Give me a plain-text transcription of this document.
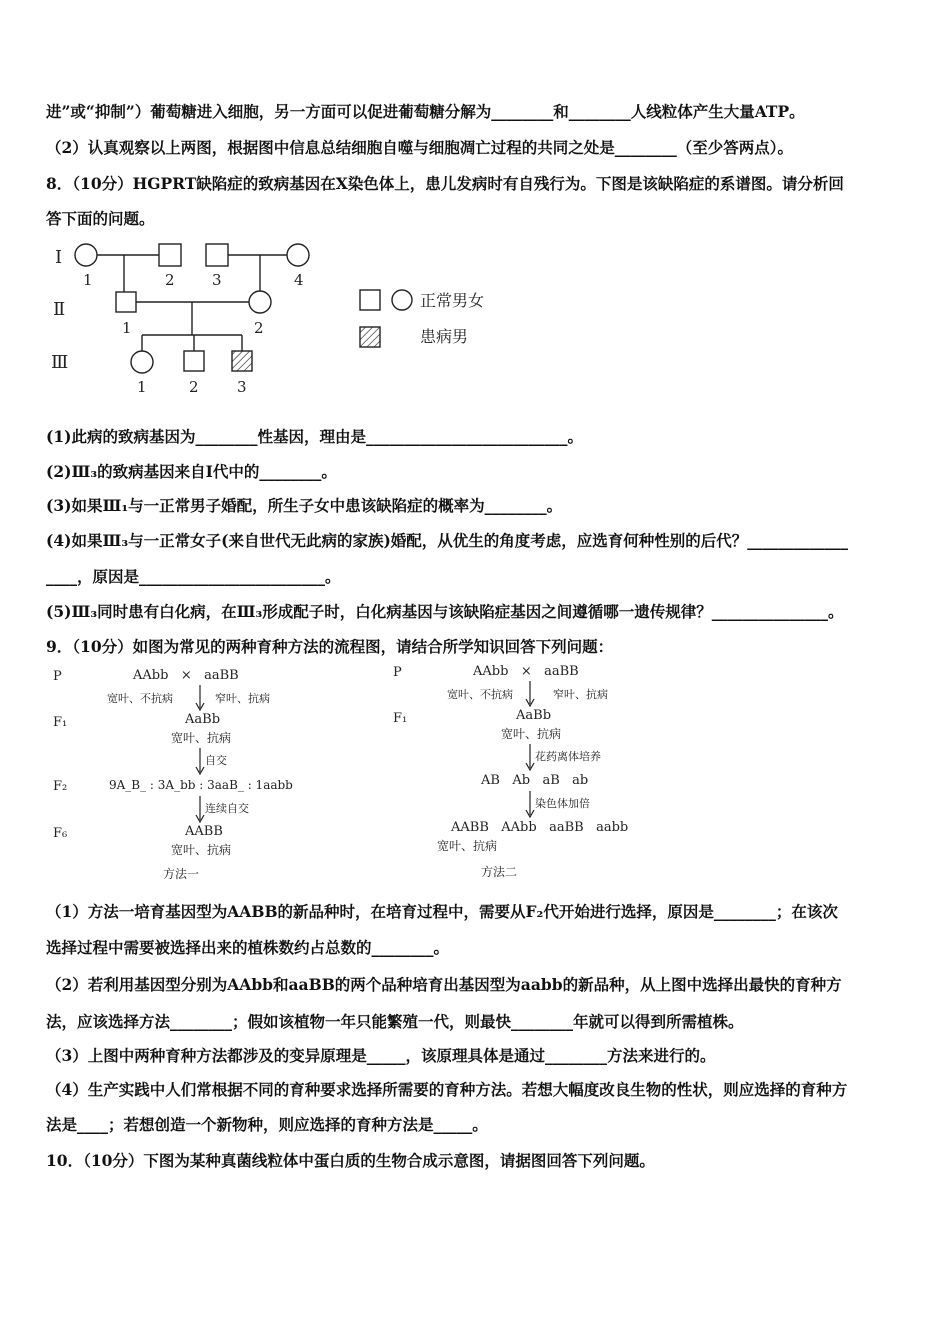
进”或“抑制”）葡萄糖进入细胞，另一方面可以促进葡萄糖分解为________和________人线粒体产生大量ATP。
（2）认真观察以上两图，根据图中信息总结细胞自噬与细胞凋亡过程的共同之处是________（至少答两点）。
8．（10分）HGPRT缺陷症的致病基因在X染色体上，患儿发病时有自残行为。下图是该缺陷症的系谱图。请分析回
答下面的问题。
Ⅰ
Ⅱ
Ⅲ
1	2 3	4
1	2
1	2	3
正常男女
患病男
(1)此病的致病基因为________性基因，理由是__________________________。
(2)Ⅲ₃的致病基因来自Ⅰ代中的________。
(3)如果Ⅲ₁与一正常男子婚配，所生子女中患该缺陷症的概率为________。
(4)如果Ⅲ₃与一正常女子(来自世代无此病的家族)婚配，从优生的角度考虑，应选育何种性别的后代？_____________
____，原因是________________________。
(5)Ⅲ₃同时患有白化病，在Ⅲ₃形成配子时，白化病基因与该缺陷症基因之间遵循哪一遗传规律？_______________。
9．（10分）如图为常见的两种育种方法的流程图，请结合所学知识回答下列问题：
P	AAbb   ×   aaBB
宽叶、不抗病	窄叶、抗病
F₁	AaBb
宽叶、抗病
自交
F₂	9A_B_ : 3A_bb : 3aaB_ : 1aabb
连续自交
F₆	AABB
宽叶、抗病
方法一
P	AAbb   ×   aaBB
宽叶、不抗病	窄叶、抗病
F₁	AaBb
宽叶、抗病
花药离体培养
AB   Ab   aB   ab
染色体加倍
AABB   AAbb   aaBB   aabb
宽叶、抗病
方法二
（1）方法一培育基因型为AABB的新品种时，在培育过程中，需要从F₂代开始进行选择，原因是________；在该次
选择过程中需要被选择出来的植株数约占总数的________。
（2）若利用基因型分别为AAbb和aaBB的两个品种培育出基因型为aabb的新品种，从上图中选择出最快的育种方
法，应该选择方法________；假如该植物一年只能繁殖一代，则最快________年就可以得到所需植株。
（3）上图中两种育种方法都涉及的变异原理是_____，该原理具体是通过________方法来进行的。
（4）生产实践中人们常根据不同的育种要求选择所需要的育种方法。若想大幅度改良生物的性状，则应选择的育种方
法是____；若想创造一个新物种，则应选择的育种方法是_____。
10．（10分）下图为某种真菌线粒体中蛋白质的生物合成示意图，请据图回答下列问题。
